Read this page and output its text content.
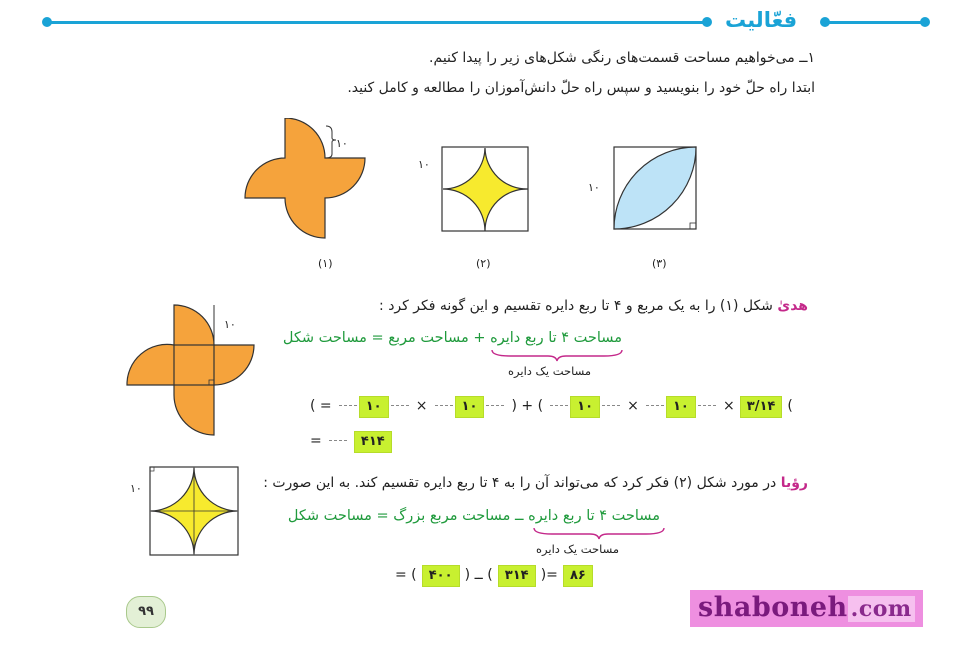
فعّالیت
۱ــ می‌خواهیم مساحت قسمت‌های رنگی شکل‌های زیر را پیدا کنیم.
ابتدا راه حلّ خود را بنویسید و سپس راه حلّ دانش‌آموزان را مطالعه و کامل کنید.
۱۰
(۱)
۱۰
(۲)
۱۰
(۳)
۱۰
هدیٰ شکل (۱) را به یک مربع و ۴ تا ربع دایره تقسیم و این گونه فکر کرد :
مساحت ۴ تا ربع دایره + مساحت مربع = مساحت شکل
مساحت یک دایره
( =	۱۰ ×	۱۰ ) + (	۱۰ ×	۱۰ × ۳/۱۴ (
=	۴۱۴
۱۰	رؤیا در مورد شکل (۲) فکر کرد که می‌تواند آن را به ۴ تا ربع دایره تقسیم کند. به این صورت :
مساحت ۴ تا ربع دایره ــ مساحت مربع بزرگ = مساحت شکل
مساحت یک دایره
= ( ۴۰۰ ) ــ ( ۳۱۴ )= ۸۶
۹۹	shaboneh .com
